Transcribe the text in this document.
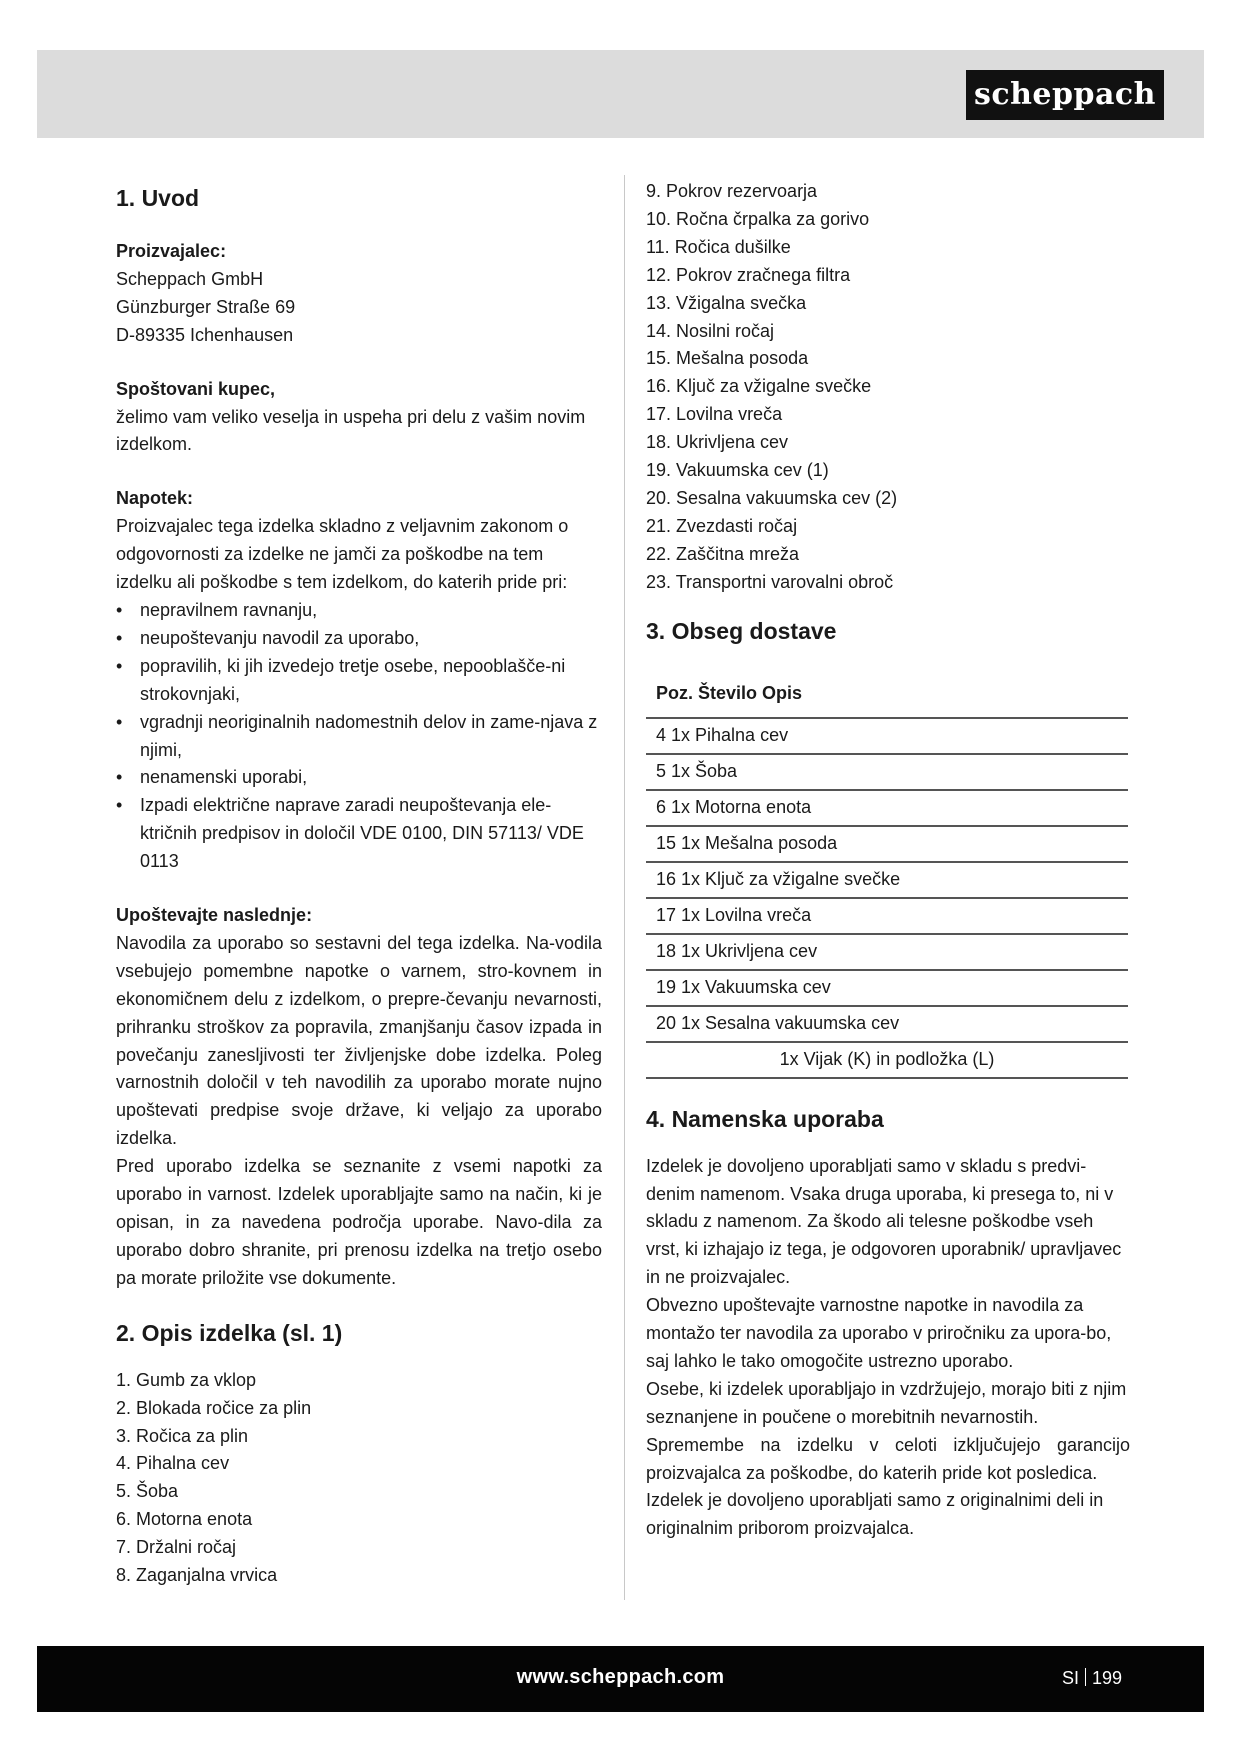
scheppach
1. Uvod

Proizvajalec:

Scheppach GmbH

Günzburger Straße 69

D-89335 Ichenhausen

Spoštovani kupec,

želimo vam veliko veselja in uspeha pri delu z vašim novim izdelkom.

Napotek:

Proizvajalec tega izdelka skladno z veljavnim zakonom o odgovornosti za izdelke ne jamči za poškodbe na tem izdelku ali poškodbe s tem izdelkom, do katerih pride pri:

• nepravilnem ravnanju,
• neupoštevanju navodil za uporabo,
• popravilih, ki jih izvedejo tretje osebe, nepooblašče-ni strokovnjaki,
• vgradnji neoriginalnih nadomestnih delov in zame-njava z njimi,
• nenamenski uporabi,
• Izpadi električne naprave zaradi neupoštevanja ele-ktričnih predpisov in določil VDE 0100, DIN 57113/ VDE 0113

Upoštevajte naslednje:

Navodila za uporabo so sestavni del tega izdelka. Na-vodila vsebujejo pomembne napotke o varnem, stro-kovnem in ekonomičnem delu z izdelkom, o prepre-čevanju nevarnosti, prihranku stroškov za popravila, zmanjšanju časov izpada in povečanju zanesljivosti ter življenjske dobe izdelka. Poleg varnostnih določil v teh navodilih za uporabo morate nujno upoštevati predpise svoje države, ki veljajo za uporabo izdelka.

Pred uporabo izdelka se seznanite z vsemi napotki za uporabo in varnost. Izdelek uporabljajte samo na način, ki je opisan, in za navedena področja uporabe. Navo-dila za uporabo dobro shranite, pri prenosu izdelka na tretjo osebo pa morate priložite vse dokumente.

2. Opis izdelka (sl. 1)
1. Gumb za vklop
2. Blokada ročice za plin
3. Ročica za plin
4. Pihalna cev
5. Šoba
6. Motorna enota
7. Držalni ročaj
8. Zaganjalna vrvica
9. Pokrov rezervoarja
10. Ročna črpalka za gorivo
11. Ročica dušilke
12. Pokrov zračnega filtra
13. Vžigalna svečka
14. Nosilni ročaj
15. Mešalna posoda
16. Ključ za vžigalne svečke
17. Lovilna vreča
18. Ukrivljena cev
19. Vakuumska cev (1)
20. Sesalna vakuumska cev (2)
21. Zvezdasti ročaj
22. Zaščitna mreža
23. Transportni varovalni obroč
3. Obseg dostave
Poz. Število Opis
4 1x Pihalna cev
5 1x Šoba
6 1x Motorna enota
15 1x Mešalna posoda
16 1x Ključ za vžigalne svečke
17 1x Lovilna vreča
18 1x Ukrivljena cev
19 1x Vakuumska cev
20 1x Sesalna vakuumska cev
1x Vijak (K) in podložka (L)
4. Namenska uporaba

Izdelek je dovoljeno uporabljati samo v skladu s predvi-denim namenom. Vsaka druga uporaba, ki presega to, ni v skladu z namenom. Za škodo ali telesne poškodbe vseh vrst, ki izhajajo iz tega, je odgovoren uporabnik/ upravljavec in ne proizvajalec.

Obvezno upoštevajte varnostne napotke in navodila za montažo ter navodila za uporabo v priročniku za upora-bo, saj lahko le tako omogočite ustrezno uporabo.

Osebe, ki izdelek uporabljajo in vzdržujejo, morajo biti z njim seznanjene in poučene o morebitnih nevarnostih.

Spremembe na izdelku v celoti izključujejo garancijo proizvajalca za poškodbe, do katerih pride kot posledica.

Izdelek je dovoljeno uporabljati samo z originalnimi deli in originalnim priborom proizvajalca.

www.scheppach.com	SI 199
